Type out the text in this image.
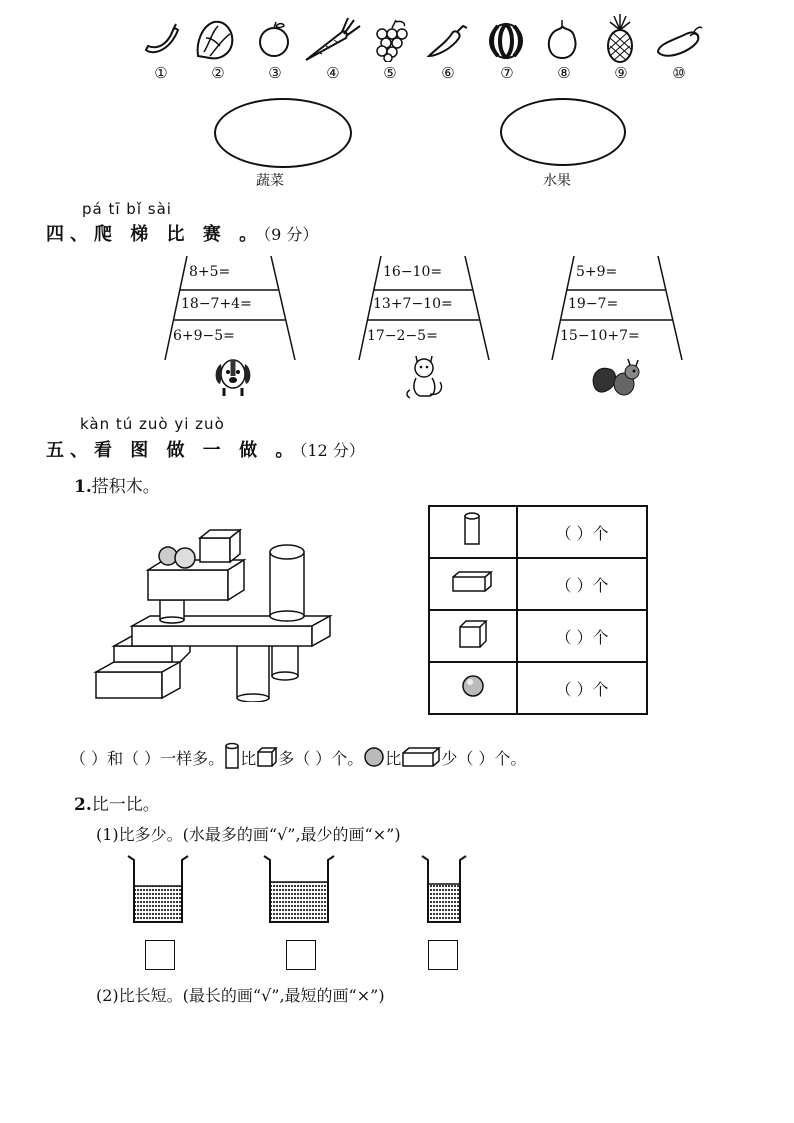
①	②	③	④	⑤	⑥	⑦	⑧	⑨	⑩
蔬菜	水果
pá tī bǐ sài
四、爬 梯 比 赛 。（9 分）
8+5=
18−7+4=
6+9−5=
16−10=
13+7−10=
17−2−5=
5+9=
19−7=
15−10+7=
kàn tú zuò yi zuò
五、看 图 做 一 做 。（12 分）
1.搭积木。
	（ ）个
	（ ）个
	（ ）个
	（ ）个
（ ）和（ ）一样多。 比 多（ ）个。 比	少（ ）个。
2.比一比。
(1)比多少。(水最多的画“√”,最少的画“×”)
(2)比长短。(最长的画“√”,最短的画“×”)
